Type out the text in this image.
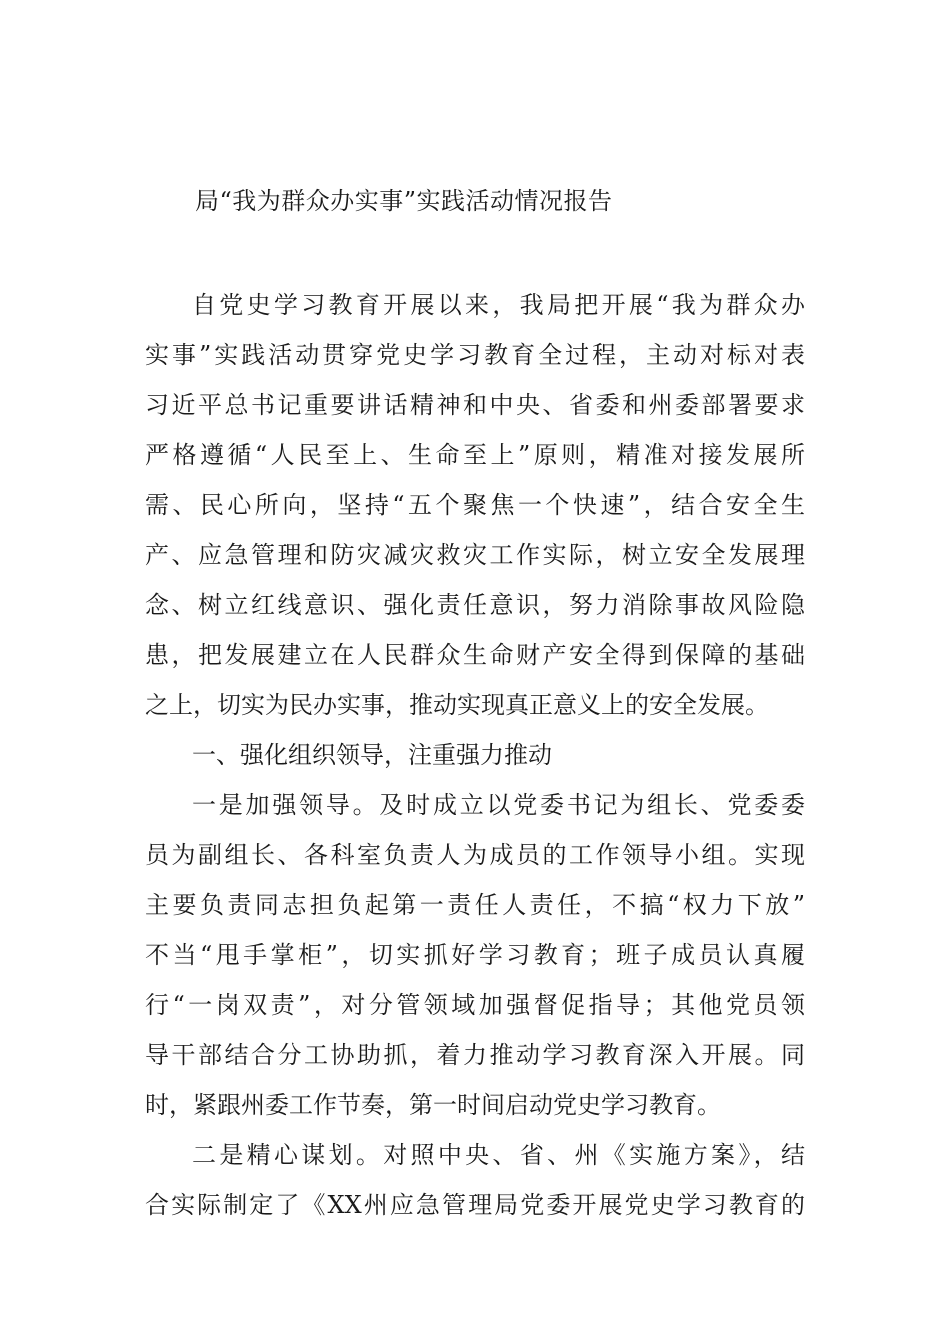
局“我为群众办实事”实践活动情况报告
自党史学习教育开展以来，我局把开展“我为群众办
实事”实践活动贯穿党史学习教育全过程，主动对标对表
习近平总书记重要讲话精神和中央、省委和州委部署要求
严格遵循“人民至上、生命至上”原则，精准对接发展所
需、民心所向，坚持“五个聚焦一个快速”，结合安全生
产、应急管理和防灾减灾救灾工作实际，树立安全发展理
念、树立红线意识、强化责任意识，努力消除事故风险隐
患，把发展建立在人民群众生命财产安全得到保障的基础
之上，切实为民办实事，推动实现真正意义上的安全发展。
一、强化组织领导，注重强力推动
一是加强领导。及时成立以党委书记为组长、党委委
员为副组长、各科室负责人为成员的工作领导小组。实现
主要负责同志担负起第一责任人责任，不搞“权力下放”
不当“甩手掌柜”，切实抓好学习教育；班子成员认真履
行“一岗双责”，对分管领域加强督促指导；其他党员领
导干部结合分工协助抓，着力推动学习教育深入开展。同
时，紧跟州委工作节奏，第一时间启动党史学习教育。
二是精心谋划。对照中央、省、州《实施方案》，结
合实际制定了《XX州应急管理局党委开展党史学习教育的
